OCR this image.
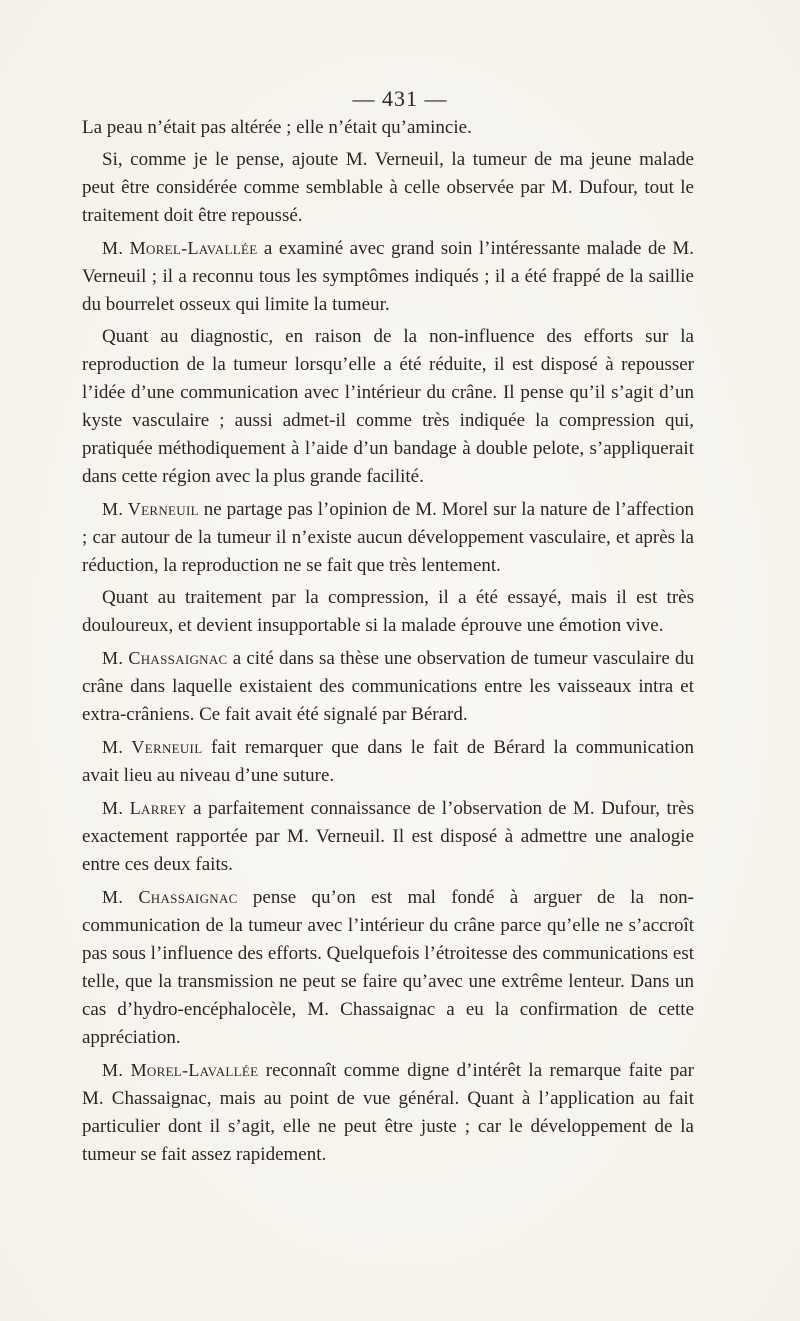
— 431 —

La peau n’était pas altérée ; elle n’était qu’amincie.

Si, comme je le pense, ajoute M. Verneuil, la tumeur de ma jeune malade peut être considérée comme semblable à celle observée par M. Dufour, tout le traitement doit être repoussé.

M. Morel-Lavallée a examiné avec grand soin l’intéressante malade de M. Verneuil ; il a reconnu tous les symptômes indiqués ; il a été frappé de la saillie du bourrelet osseux qui limite la tumeur.

Quant au diagnostic, en raison de la non-influence des efforts sur la reproduction de la tumeur lorsqu’elle a été réduite, il est disposé à repousser l’idée d’une communication avec l’intérieur du crâne. Il pense qu’il s’agit d’un kyste vasculaire ; aussi admet-il comme très indiquée la compression qui, pratiquée méthodiquement à l’aide d’un bandage à double pelote, s’appliquerait dans cette région avec la plus grande facilité.

M. Verneuil ne partage pas l’opinion de M. Morel sur la nature de l’affection ; car autour de la tumeur il n’existe aucun développement vasculaire, et après la réduction, la reproduction ne se fait que très lentement.

Quant au traitement par la compression, il a été essayé, mais il est très douloureux, et devient insupportable si la malade éprouve une émotion vive.

M. Chassaignac a cité dans sa thèse une observation de tumeur vasculaire du crâne dans laquelle existaient des communications entre les vaisseaux intra et extra-crâniens. Ce fait avait été signalé par Bérard.

M. Verneuil fait remarquer que dans le fait de Bérard la communication avait lieu au niveau d’une suture.

M. Larrey a parfaitement connaissance de l’observation de M. Dufour, très exactement rapportée par M. Verneuil. Il est disposé à admettre une analogie entre ces deux faits.

M. Chassaignac pense qu’on est mal fondé à arguer de la non-communication de la tumeur avec l’intérieur du crâne parce qu’elle ne s’accroît pas sous l’influence des efforts. Quelquefois l’étroitesse des communications est telle, que la transmission ne peut se faire qu’avec une extrême lenteur. Dans un cas d’hydro-encéphalocèle, M. Chassaignac a eu la confirmation de cette appréciation.

M. Morel-Lavallée reconnaît comme digne d’intérêt la remarque faite par M. Chassaignac, mais au point de vue général. Quant à l’application au fait particulier dont il s’agit, elle ne peut être juste ; car le développement de la tumeur se fait assez rapidement.
